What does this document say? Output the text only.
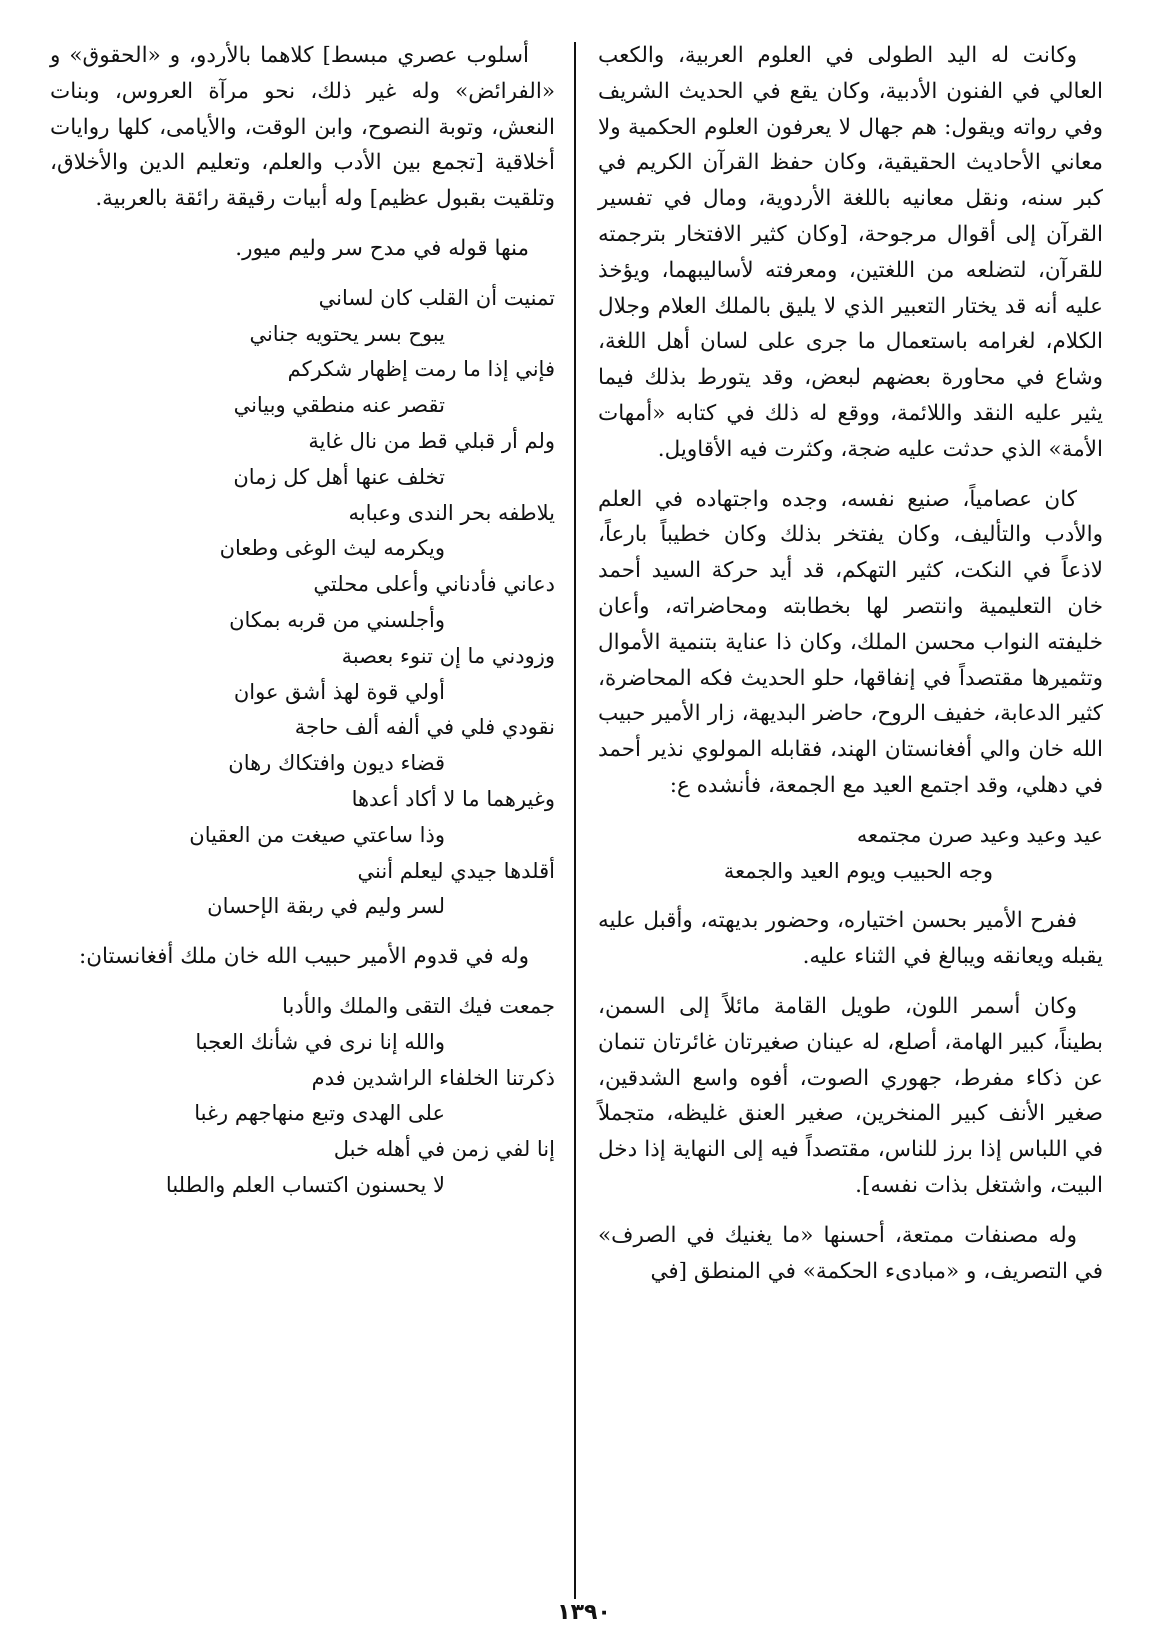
وكانت له اليد الطولى في العلوم العربية، والكعب العالي في الفنون الأدبية، وكان يقع في الحديث الشريف وفي رواته ويقول: هم جهال لا يعرفون العلوم الحكمية ولا معاني الأحاديث الحقيقية، وكان حفظ القرآن الكريم في كبر سنه، ونقل معانيه باللغة الأردوية، ومال في تفسير القرآن إلى أقوال مرجوحة، [وكان كثير الافتخار بترجمته للقرآن، لتضلعه من اللغتين، ومعرفته لأساليبهما، ويؤخذ عليه أنه قد يختار التعبير الذي لا يليق بالملك العلام وجلال الكلام، لغرامه باستعمال ما جرى على لسان أهل اللغة، وشاع في محاورة بعضهم لبعض، وقد يتورط بذلك فيما يثير عليه النقد واللائمة، ووقع له ذلك في كتابه «أمهات الأمة» الذي حدثت عليه ضجة، وكثرت فيه الأقاويل.

كان عصامياً، صنيع نفسه، وجده واجتهاده في العلم والأدب والتأليف، وكان يفتخر بذلك وكان خطيباً بارعاً، لاذعاً في النكت، كثير التهكم، قد أيد حركة السيد أحمد خان التعليمية وانتصر لها بخطابته ومحاضراته، وأعان خليفته النواب محسن الملك، وكان ذا عناية بتنمية الأموال وتثميرها مقتصداً في إنفاقها، حلو الحديث فكه المحاضرة، كثير الدعابة، خفيف الروح، حاضر البديهة، زار الأمير حبيب الله خان والي أفغانستان الهند، فقابله المولوي نذير أحمد في دهلي، وقد اجتمع العيد مع الجمعة، فأنشده ع:

عيد وعيد وعيد صرن مجتمعه
وجه الحبيب ويوم العيد والجمعة

ففرح الأمير بحسن اختياره، وحضور بديهته، وأقبل عليه يقبله ويعانقه ويبالغ في الثناء عليه.

وكان أسمر اللون، طويل القامة مائلاً إلى السمن، بطيناً، كبير الهامة، أصلع، له عينان صغيرتان غائرتان تنمان عن ذكاء مفرط، جهوري الصوت، أفوه واسع الشدقين، صغير الأنف كبير المنخرين، صغير العنق غليظه، متجملاً في اللباس إذا برز للناس، مقتصداً فيه إلى النهاية إذا دخل البيت، واشتغل بذات نفسه].

وله مصنفات ممتعة، أحسنها «ما يغنيك في الصرف» في التصريف، و «مبادىء الحكمة» في المنطق [في

أسلوب عصري مبسط] كلاهما بالأردو، و «الحقوق» و «الفرائض» وله غير ذلك، نحو مرآة العروس، وبنات النعش، وتوبة النصوح، وابن الوقت، والأيامى، كلها روايات أخلاقية [تجمع بين الأدب والعلم، وتعليم الدين والأخلاق، وتلقيت بقبول عظيم] وله أبيات رقيقة رائقة بالعربية.

منها قوله في مدح سر وليم ميور.

تمنيت أن القلب كان لساني
يبوح بسر يحتويه جناني
فإني إذا ما رمت إظهار شكركم
تقصر عنه منطقي وبياني
ولم أر قبلي قط من نال غاية
تخلف عنها أهل كل زمان
يلاطفه بحر الندى وعبابه
ويكرمه ليث الوغى وطعان
دعاني فأدناني وأعلى محلتي
وأجلسني من قربه بمكان
وزودني ما إن تنوء بعصبة
أولي قوة لهذ أشق عوان
نقودي فلي في ألفه ألف حاجة
قضاء ديون وافتكاك رهان
وغيرهما ما لا أكاد أعدها
وذا ساعتي صيغت من العقيان
أقلدها جيدي ليعلم أنني
لسر وليم في ربقة الإحسان

وله في قدوم الأمير حبيب الله خان ملك أفغانستان:

جمعت فيك التقى والملك والأدبا
والله إنا نرى في شأنك العجبا
ذكرتنا الخلفاء الراشدين فدم
على الهدى وتبع منهاجهم رغبا
إنا لفي زمن في أهله خبل
لا يحسنون اكتساب العلم والطلبا
١٣٩٠
